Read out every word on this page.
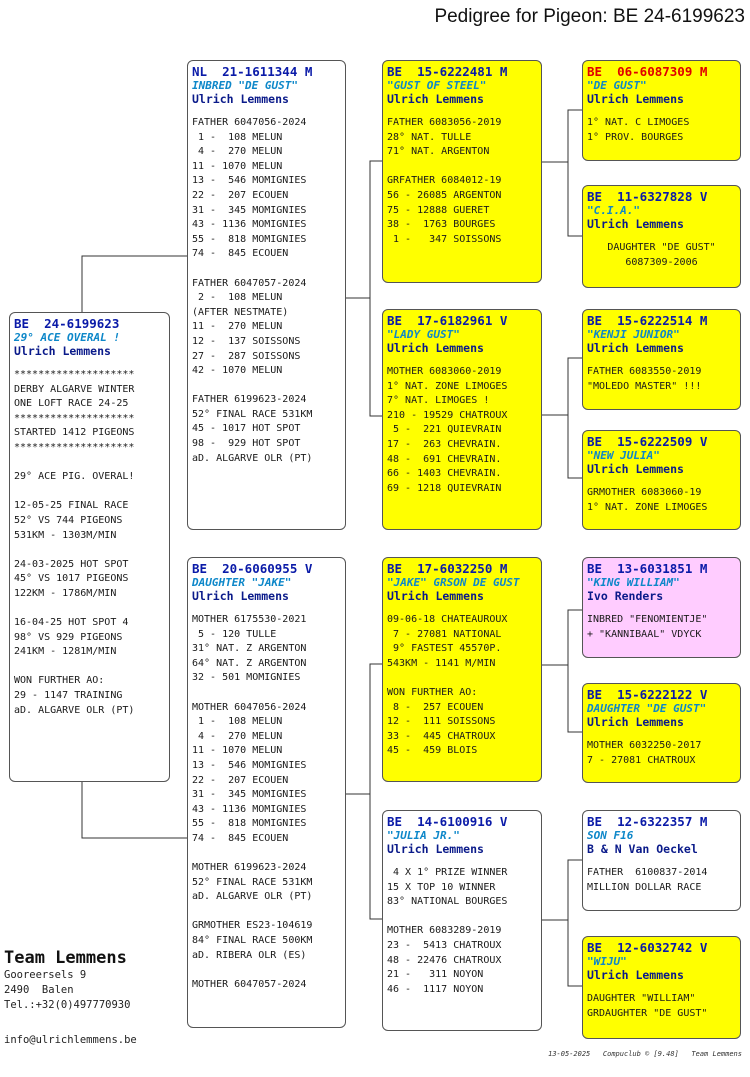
Pedigree for Pigeon: BE 24-6199623
BE  24-6199623
29° ACE OVERAL !
Ulrich Lemmens
********************
DERBY ALGARVE WINTER
ONE LOFT RACE 24-25
********************
STARTED 1412 PIGEONS
********************
29° ACE PIG. OVERAL!
12-05-25 FINAL RACE
52° VS 744 PIGEONS
531KM - 1303M/MIN
24-03-2025 HOT SPOT
45° VS 1017 PIGEONS
122KM - 1786M/MIN
16-04-25 HOT SPOT 4
98° VS 929 PIGEONS
241KM - 1281M/MIN
WON FURTHER AO:
29 - 1147 TRAINING
aD. ALGARVE OLR (PT)
NL  21-1611344 M
INBRED "DE GUST"
Ulrich Lemmens
FATHER 6047056-2024
1 -  108 MELUN
4 -  270 MELUN
11 - 1070 MELUN
13 -  546 MOMIGNIES
22 -  207 ECOUEN
31 -  345 MOMIGNIES
43 - 1136 MOMIGNIES
55 -  818 MOMIGNIES
74 -  845 ECOUEN
FATHER 6047057-2024
2 -  108 MELUN
(AFTER NESTMATE)
11 -  270 MELUN
12 -  137 SOISSONS
27 -  287 SOISSONS
42 - 1070 MELUN
FATHER 6199623-2024
52° FINAL RACE 531KM
45 - 1017 HOT SPOT
98 -  929 HOT SPOT
aD. ALGARVE OLR (PT)
BE  20-6060955 V
DAUGHTER "JAKE"
Ulrich Lemmens
MOTHER 6175530-2021
5 - 120 TULLE
31° NAT. Z ARGENTON
64° NAT. Z ARGENTON
32 - 501 MOMIGNIES
MOTHER 6047056-2024
1 -  108 MELUN
4 -  270 MELUN
11 - 1070 MELUN
13 -  546 MOMIGNIES
22 -  207 ECOUEN
31 -  345 MOMIGNIES
43 - 1136 MOMIGNIES
55 -  818 MOMIGNIES
74 -  845 ECOUEN
MOTHER 6199623-2024
52° FINAL RACE 531KM
aD. ALGARVE OLR (PT)
GRMOTHER ES23-104619
84° FINAL RACE 500KM
aD. RIBERA OLR (ES)
MOTHER 6047057-2024
BE  15-6222481 M
"GUST OF STEEL"
Ulrich Lemmens
FATHER 6083056-2019
28° NAT. TULLE
71° NAT. ARGENTON
GRFATHER 6084012-19
56 - 26085 ARGENTON
75 - 12888 GUERET
38 -  1763 BOURGES
1 -   347 SOISSONS
BE  17-6182961 V
"LADY GUST"
Ulrich Lemmens
MOTHER 6083060-2019
1° NAT. ZONE LIMOGES
7° NAT. LIMOGES !
210 - 19529 CHATROUX
5 -  221 QUIEVRAIN
17 -  263 CHEVRAIN.
48 -  691 CHEVRAIN.
66 - 1403 CHEVRAIN.
69 - 1218 QUIEVRAIN
BE  17-6032250 M
"JAKE" GRSON DE GUST
Ulrich Lemmens
09-06-18 CHATEAUROUX
7 - 27081 NATIONAL
9° FASTEST 45570P.
543KM - 1141 M/MIN
WON FURTHER AO:
8 -  257 ECOUEN
12 -  111 SOISSONS
33 -  445 CHATROUX
45 -  459 BLOIS
BE  14-6100916 V
"JULIA JR."
Ulrich Lemmens
4 X 1° PRIZE WINNER
15 X TOP 10 WINNER
83° NATIONAL BOURGES
MOTHER 6083289-2019
23 -  5413 CHATROUX
48 - 22476 CHATROUX
21 -   311 NOYON
46 -  1117 NOYON
BE  06-6087309 M
"DE GUST"
Ulrich Lemmens
1° NAT. C LIMOGES
1° PROV. BOURGES
BE  11-6327828 V
"C.I.A."
Ulrich Lemmens
DAUGHTER "DE GUST"
6087309-2006
BE  15-6222514 M
"KENJI JUNIOR"
Ulrich Lemmens
FATHER 6083550-2019
"MOLEDO MASTER" !!!
BE  15-6222509 V
"NEW JULIA"
Ulrich Lemmens
GRMOTHER 6083060-19
1° NAT. ZONE LIMOGES
BE  13-6031851 M
"KING WILLIAM"
Ivo Renders
INBRED "FENOMIENTJE"
+ "KANNIBAAL" VDYCK
BE  15-6222122 V
DAUGHTER "DE GUST"
Ulrich Lemmens
MOTHER 6032250-2017
7 - 27081 CHATROUX
BE  12-6322357 M
SON F16
B & N Van Oeckel
FATHER  6100837-2014
MILLION DOLLAR RACE
BE  12-6032742 V
"WIJU"
Ulrich Lemmens
DAUGHTER "WILLIAM"
GRDAUGHTER "DE GUST"
Team Lemmens
Gooreersels 9
2490  Balen
Tel.:+32(0)497770930
info@ulrichlemmens.be
13-05-2025   Compuclub © [9.48]   Team Lemmens
